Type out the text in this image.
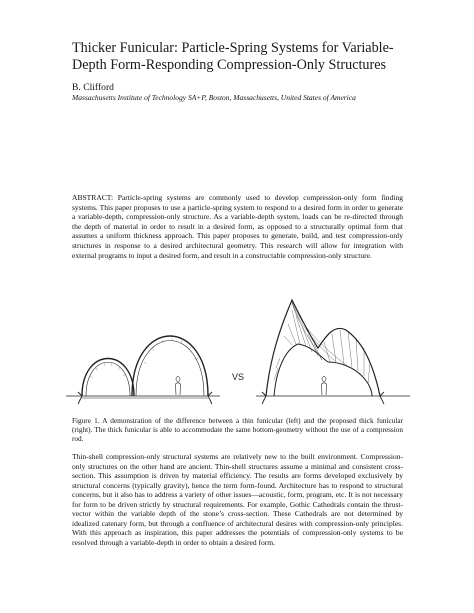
Thicker Funicular: Particle-Spring Systems for Variable-Depth Form-Responding Compression-Only Structures
B. Clifford
Massachusetts Institute of Technology SA+P, Boston, Massachusetts, United States of America
ABSTRACT: Particle-spring systems are commonly used to develop compression-only form finding systems. This paper proposes to use a particle-spring system to respond to a desired form in order to generate a variable-depth, compression-only structure. As a variable-depth system, loads can be re-directed through the depth of material in order to result in a desired form, as opposed to a structurally optimal form that assumes a uniform thickness approach. This paper proposes to generate, build, and test compression-only structures in response to a desired architectural geometry. This research will allow for integration with external programs to input a desired form, and result in a constructable compression-only structure.
VS
Figure 1. A demonstration of the difference between a thin funicular (left) and the proposed thick funicular (right). The thick funicular is able to accommodate the same bottom-geometry without the use of a compression rod.
Thin-shell compression-only structural systems are relatively new to the built environment. Compression-only structures on the other hand are ancient. Thin-shell structures assume a minimal and consistent cross-section. This assumption is driven by material efficiency. The results are forms developed exclusively by structural concerns (typically gravity), hence the term form-found. Architecture has to respond to structural concerns, but it also has to address a variety of other issues—acoustic, form, program, etc. It is not necessary for form to be driven strictly by structural requirements. For example, Gothic Cathedrals contain the thrust-vector within the variable depth of the stone’s cross-section. These Cathedrals are not determined by idealized catenary form, but through a confluence of architectural desires with compression-only principles. With this approach as inspiration, this paper addresses the potentials of compression-only systems to be resolved through a variable-depth in order to obtain a desired form.
